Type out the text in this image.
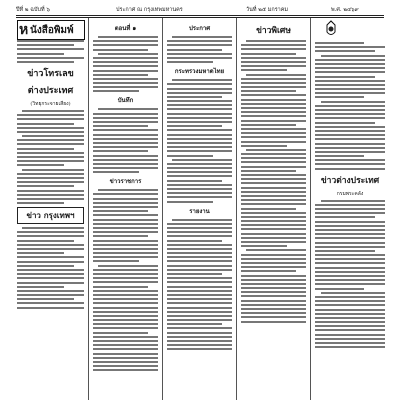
ปีที่ ๒ ฉบับที่ ๖	ประกาศ ณ กรุงเทพมหานคร	วันที่ ๒๕ มกราคม	พ.ศ. ๒๔๖๙
ห นังสือพิมพ์
ข่าวโทรเลข
ต่างประเทศ
(วิทยุกระจายเสียง)
ข่าว กรุงเทพฯ
ตอนที่ ๑
บันทึก
ข่าวราชการ
ประกาศ
กระทรวงมหาดไทย
รายงาน
ข่าวพิเศษ
ข่าวต่างประเทศ
กรมพระคลัง
